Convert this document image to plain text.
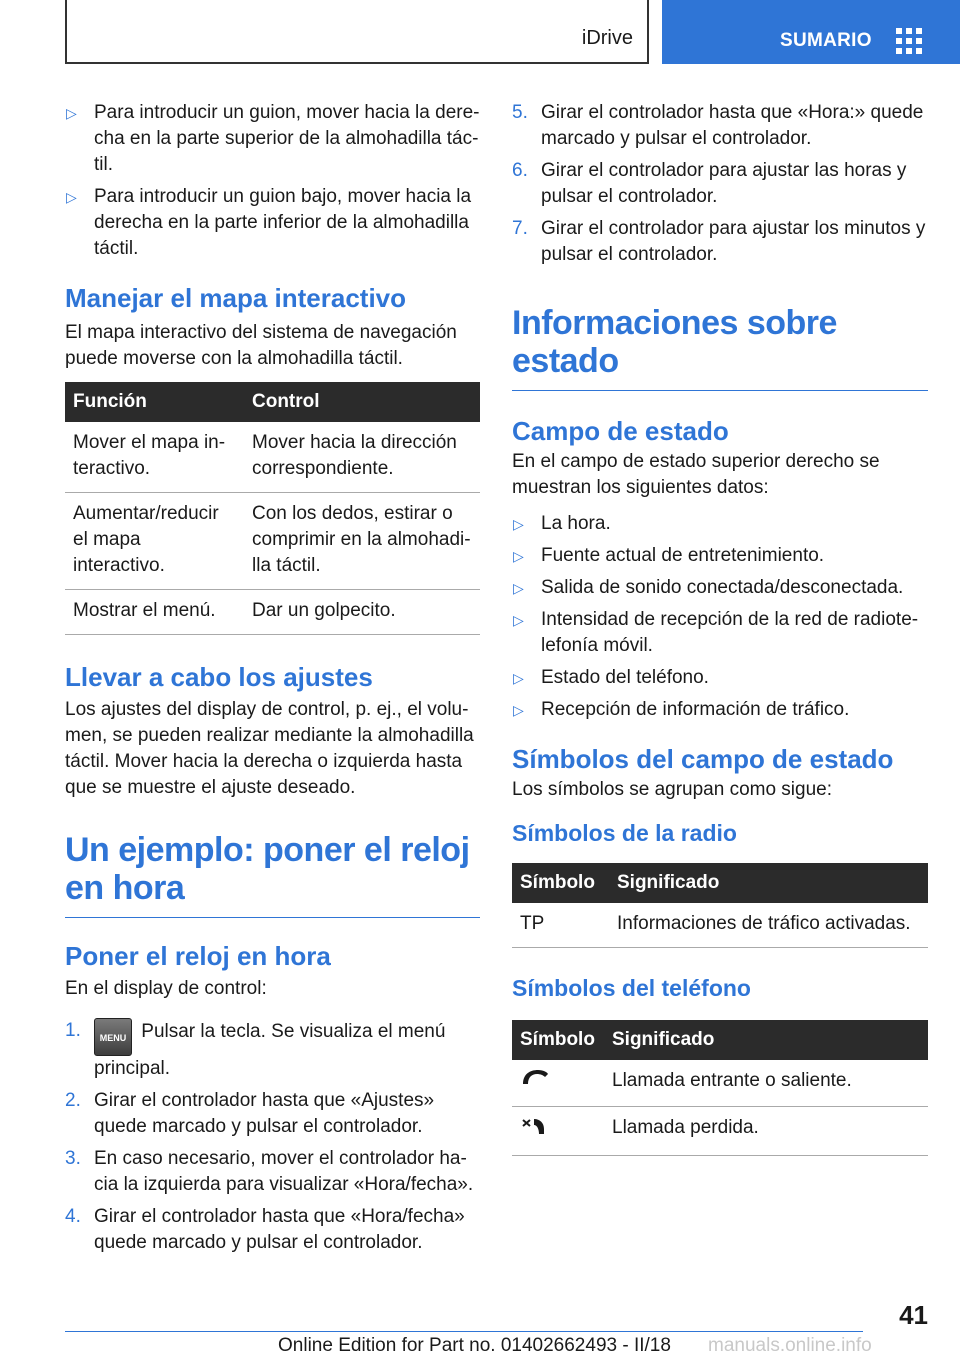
iDrive	SUMARIO
▷ Para introducir un guion, mover hacia la derecha en la parte superior de la almohadilla táctil.
▷ Para introducir un guion bajo, mover hacia la derecha en la parte inferior de la almohadilla táctil.
Manejar el mapa interactivo
El mapa interactivo del sistema de navegación puede moverse con la almohadilla táctil.
Función	Control
Mover el mapa interactivo.	Mover hacia la dirección correspondiente.
Aumentar/reducir el mapa interactivo.	Con los dedos, estirar o comprimir en la almohadilla táctil.
Mostrar el menú.	Dar un golpecito.
Llevar a cabo los ajustes
Los ajustes del display de control, p. ej., el volumen, se pueden realizar mediante la almohadilla táctil. Mover hacia la derecha o izquierda hasta que se muestre el ajuste deseado.
Un ejemplo: poner el reloj en hora
Poner el reloj en hora
En el display de control:
1.	MENU Pulsar la tecla. Se visualiza el menú principal.
2. Girar el controlador hasta que «Ajustes» quede marcado y pulsar el controlador.
3. En caso necesario, mover el controlador hacia la izquierda para visualizar «Hora/fecha».
4. Girar el controlador hasta que «Hora/fecha» quede marcado y pulsar el controlador.
5. Girar el controlador hasta que «Hora:» quede marcado y pulsar el controlador.
6. Girar el controlador para ajustar las horas y pulsar el controlador.
7. Girar el controlador para ajustar los minutos y pulsar el controlador.
Informaciones sobre estado
Campo de estado
En el campo de estado superior derecho se muestran los siguientes datos:
▷ La hora.
▷ Fuente actual de entretenimiento.
▷ Salida de sonido conectada/desconectada.
▷ Intensidad de recepción de la red de radiotelefonía móvil.
▷ Estado del teléfono.
▷ Recepción de información de tráfico.
Símbolos del campo de estado
Los símbolos se agrupan como sigue:
Símbolos de la radio
Símbolo	Significado
TP	Informaciones de tráfico activadas.
Símbolos del teléfono
Símbolo	Significado
	Llamada entrante o saliente.
	Llamada perdida.
41
Online Edition for Part no. 01402662493 - II/18 manuals.online.info
